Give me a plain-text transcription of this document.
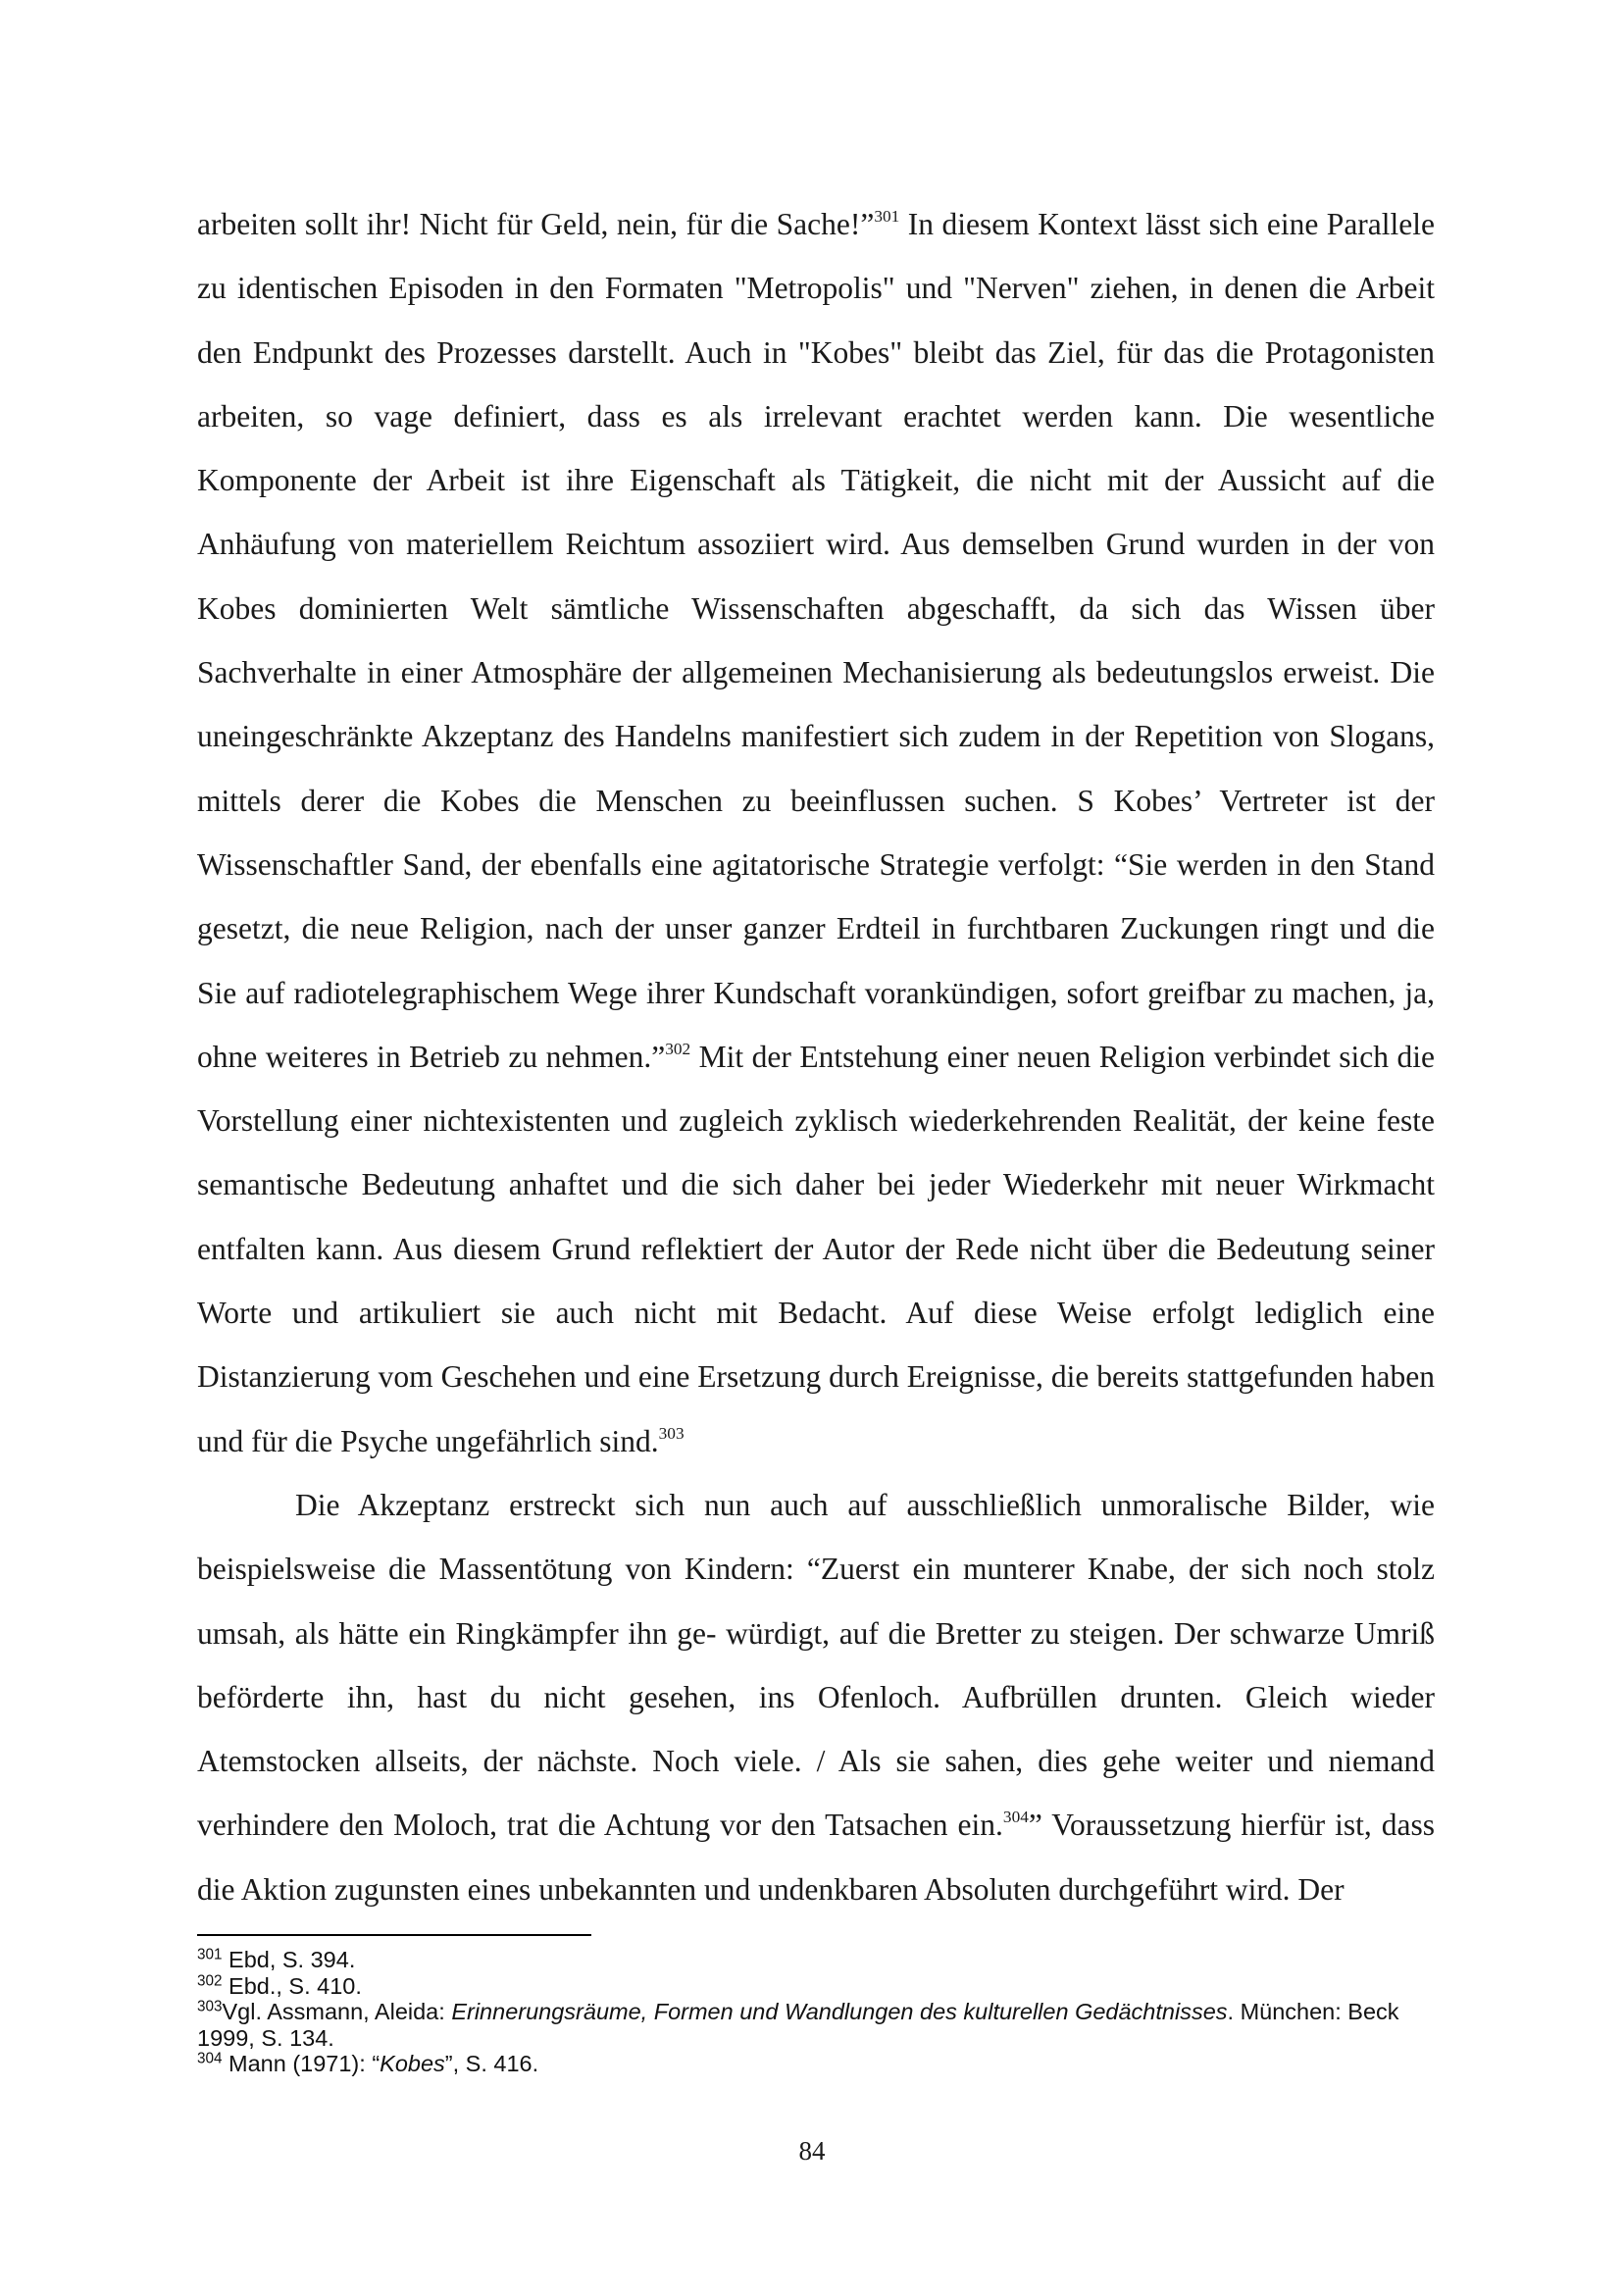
arbeiten sollt ihr! Nicht für Geld, nein, für die Sache!”$^{301}$ In diesem Kontext lässt sich eine Parallele zu identischen Episoden in den Formaten "Metropolis" und "Nerven" ziehen, in denen die Arbeit den Endpunkt des Prozesses darstellt. Auch in "Kobes" bleibt das Ziel, für das die Protagonisten arbeiten, so vage definiert, dass es als irrelevant erachtet werden kann. Die wesentliche Komponente der Arbeit ist ihre Eigenschaft als Tätigkeit, die nicht mit der Aussicht auf die Anhäufung von materiellem Reichtum assoziiert wird. Aus demselben Grund wurden in der von Kobes dominierten Welt sämtliche Wissenschaften abgeschafft, da sich das Wissen über Sachverhalte in einer Atmosphäre der allgemeinen Mechanisierung als bedeutungslos erweist. Die uneingeschränkte Akzeptanz des Handelns manifestiert sich zudem in der Repetition von Slogans, mittels derer die Kobes die Menschen zu beeinflussen suchen. S Kobes’ Vertreter ist der Wissenschaftler Sand, der ebenfalls eine agitatorische Strategie verfolgt: “Sie werden in den Stand gesetzt, die neue Religion, nach der unser ganzer Erdteil in furchtbaren Zuckungen ringt und die Sie auf radiotelegraphischem Wege ihrer Kundschaft vorankündigen, sofort greifbar zu machen, ja, ohne weiteres in Betrieb zu nehmen.”$^{302}$ Mit der Entstehung einer neuen Religion verbindet sich die Vorstellung einer nichtexistenten und zugleich zyklisch wiederkehrenden Realität, der keine feste semantische Bedeutung anhaftet und die sich daher bei jeder Wiederkehr mit neuer Wirkmacht entfalten kann. Aus diesem Grund reflektiert der Autor der Rede nicht über die Bedeutung seiner Worte und artikuliert sie auch nicht mit Bedacht. Auf diese Weise erfolgt lediglich eine Distanzierung vom Geschehen und eine Ersetzung durch Ereignisse, die bereits stattgefunden haben und für die Psyche ungefährlich sind.$^{303}$

Die Akzeptanz erstreckt sich nun auch auf ausschließlich unmoralische Bilder, wie beispielsweise die Massentötung von Kindern: “Zuerst ein munterer Knabe, der sich noch stolz umsah, als hätte ein Ringkämpfer ihn ge- würdigt, auf die Bretter zu steigen. Der schwarze Umriß beförderte ihn, hast du nicht gesehen, ins Ofenloch. Aufbrüllen drunten. Gleich wieder Atemstocken allseits, der nächste. Noch viele. / Als sie sahen, dies gehe weiter und niemand verhindere den Moloch, trat die Achtung vor den Tatsachen ein.$^{304}$” Voraussetzung hierfür ist, dass die Aktion zugunsten eines unbekannten und undenkbaren Absoluten durchgeführt wird. Der

$^{301}$ Ebd, S. 394.

$^{302}$ Ebd., S. 410.

$^{303}$Vgl. Assmann, Aleida: Erinnerungsräume, Formen und Wandlungen des kulturellen Gedächtnisses. München: Beck 1999, S. 134.

$^{304}$ Mann (1971): “Kobes”, S. 416.

84
